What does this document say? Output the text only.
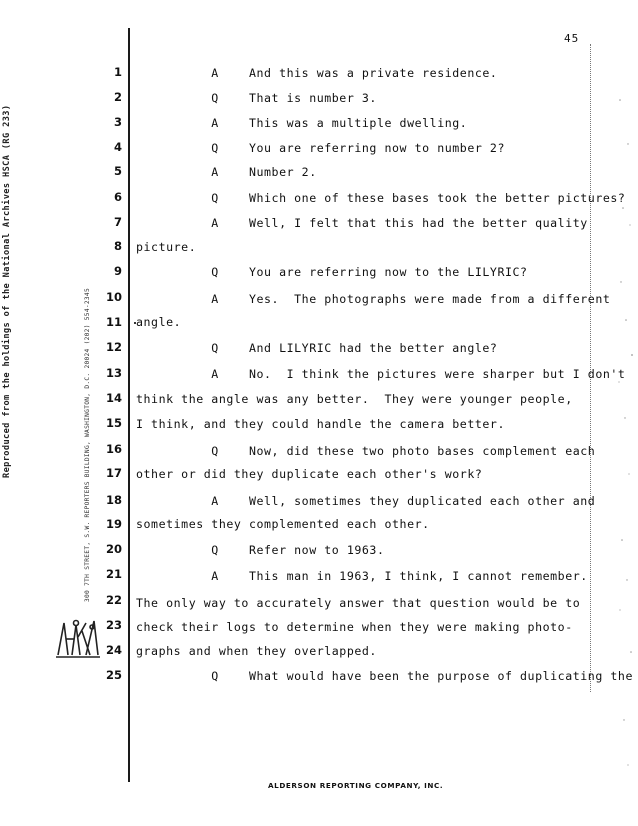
Reproduced from the holdings of the National Archives HSCA (RG 233)	300 7TH STREET, S.W. REPORTERS BUILDING, WASHINGTON, D.C. 20024 (202) 554-2345
45
1 A    And this was a private residence.
2 Q    That is number 3.
3 A    This was a multiple dwelling.
4 Q    You are referring now to number 2?
5 A    Number 2.
6 Q    Which one of these bases took the better pictures?
7 A    Well, I felt that this had the better quality
8 picture.
9 Q    You are referring now to the LILYRIC?
10 A    Yes.  The photographs were made from a different
11 angle.
12 Q    And LILYRIC had the better angle?
13 A    No.  I think the pictures were sharper but I don't
14 think the angle was any better.  They were younger people,
15 I think, and they could handle the camera better.
16 Q    Now, did these two photo bases complement each
17 other or did they duplicate each other's work?
18 A    Well, sometimes they duplicated each other and
19 sometimes they complemented each other.
20 Q    Refer now to 1963.
21 A    This man in 1963, I think, I cannot remember.
22 The only way to accurately answer that question would be to
23 check their logs to determine when they were making photo-
24 graphs and when they overlapped.
25 Q    What would have been the purpose of duplicating the
ALDERSON REPORTING COMPANY, INC.
